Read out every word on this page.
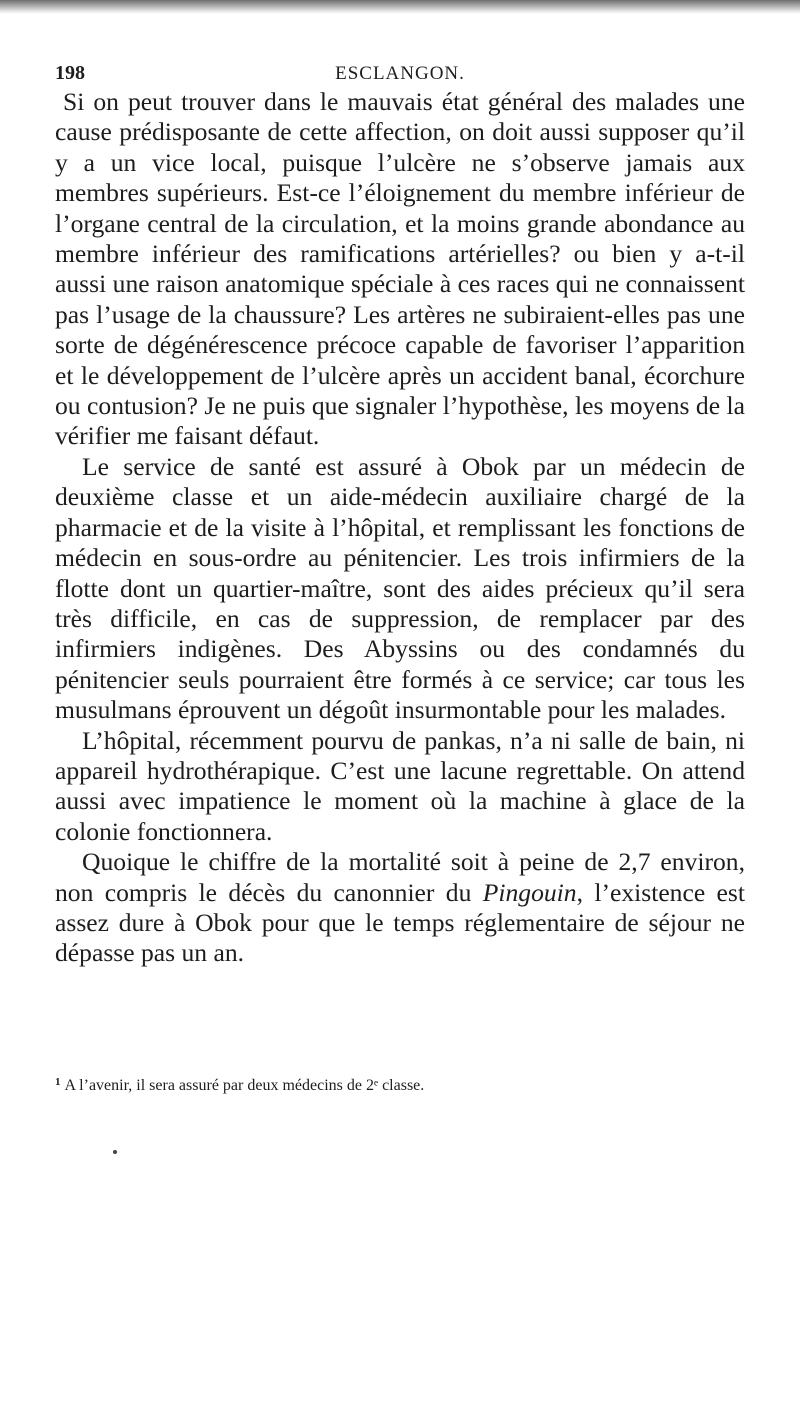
198	ESCLANGON.

Si on peut trouver dans le mauvais état général des malades une cause prédisposante de cette affection, on doit aussi supposer qu’il y a un vice local, puisque l’ulcère ne s’observe jamais aux membres supérieurs. Est-ce l’éloignement du membre inférieur de l’organe central de la circulation, et la moins grande abondance au membre inférieur des ramifications artérielles? ou bien y a-t-il aussi une raison anatomique spéciale à ces races qui ne connaissent pas l’usage de la chaussure? Les artères ne subiraient-elles pas une sorte de dégénérescence précoce capable de favoriser l’apparition et le développement de l’ulcère après un accident banal, écorchure ou contusion? Je ne puis que signaler l’hypothèse, les moyens de la vérifier me faisant défaut.

Le service de santé est assuré à Obok par un médecin de deuxième classe et un aide-médecin auxiliaire chargé de la pharmacie et de la visite à l’hôpital, et remplissant les fonctions de médecin en sous-ordre au pénitencier. Les trois infirmiers de la flotte dont un quartier-maître, sont des aides précieux qu’il sera très difficile, en cas de suppression, de remplacer par des infirmiers indigènes. Des Abyssins ou des condamnés du pénitencier seuls pourraient être formés à ce service; car tous les musulmans éprouvent un dégoût insurmontable pour les malades.

L’hôpital, récemment pourvu de pankas, n’a ni salle de bain, ni appareil hydrothérapique. C’est une lacune regrettable. On attend aussi avec impatience le moment où la machine à glace de la colonie fonctionnera.

Quoique le chiffre de la mortalité soit à peine de 2,7 environ, non compris le décès du canonnier du Pingouin, l’existence est assez dure à Obok pour que le temps réglementaire de séjour ne dépasse pas un an.

$^1$ A l’avenir, il sera assuré par deux médecins de 2ᵉ classe.
